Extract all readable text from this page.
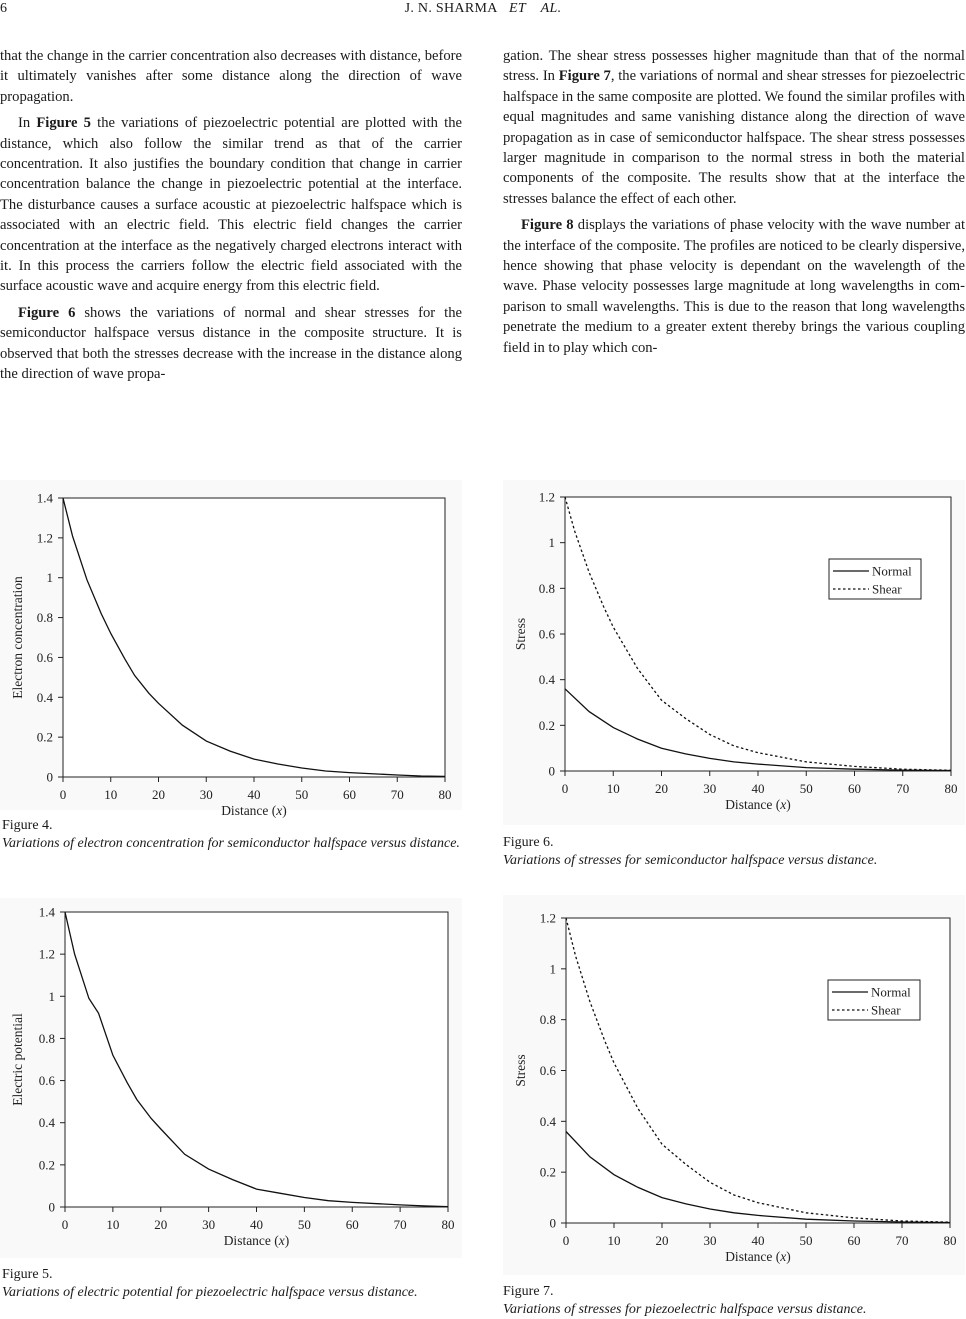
6	J. N. SHARMA ET    AL.

that the change in the carrier concentration also decreases with distance, before it ultimately vanishes after some distance along the direction of wave propagation.

In Figure 5 the variations of piezoelectric potential are plotted with the distance, which also follow the similar trend as that of the carrier concentration. It also justifies the boundary condition that change in carrier concentration balance the change in piezoelectric potential at the interface. The disturbance causes a surface acoustic at piezoelectric halfspace which is associated with an electric field. This electric field changes the carrier concentration at the interface as the negatively charged electrons interact with it. In this process the carriers follow the electric field associated with the surface acoustic wave and acquire energy from this electric field.

Figure 6 shows the variations of normal and shear stresses for the semiconductor halfspace versus distance in the composite structure. It is observed that both the stresses decrease with the increase in the distance along the direction of wave propa-

gation. The shear stress possesses higher magnitude than that of the normal stress. In Figure 7, the variations of normal and shear stresses for piezoelectric halfspace in the same composite are plotted. We found the similar profiles with equal magnitudes and same vanishing distance along the direction of wave propagation as in case of semiconductor halfspace. The shear stress possesses larger magnitude in comparison to the normal stress in both the material components of the composite. The results show that at the interface the stresses balance the effect of each other.

Figure 8 displays the variations of phase velocity with the wave number at the interface of the composite. The profiles are noticed to be clearly dispersive, hence showing that phase velocity is dependant on the wavelength of the wave. Phase velocity possesses large magnitude at long wavelengths in comparison to small wavelengths. This is due to the reason that long wavelengths penetrate the medium to a greater extent thereby brings the various coupling field in to play which con-

0
0.2
0.4
0.6
0.8
1
1.2
1.4
0	10	20	30	40	50	60	70	80
Distance (x)
Electron concentration
Figure 4.
Variations of electron concentration for semiconductor halfspace versus distance.
0
0.2
0.4
0.6
0.8
1
1.2
0	10	20	30	40	50	60	70	80
Distance (x)
Stress
Normal
Shear
Figure 6.
Variations of stresses for semiconductor halfspace versus distance.
0
0.2
0.4
0.6
0.8
1
1.2
1.4
0	10	20	30	40	50	60	70	80
Distance (x)
Electric potential
Figure 5.
Variations of electric potential for piezoelectric halfspace versus distance.
0
0.2
0.4
0.6
0.8
1
1.2
0	10	20	30	40	50	60	70	80
Distance (x)
Stress
Normal
Shear
Figure 7.
Variations of stresses for piezoelectric halfspace versus distance.
